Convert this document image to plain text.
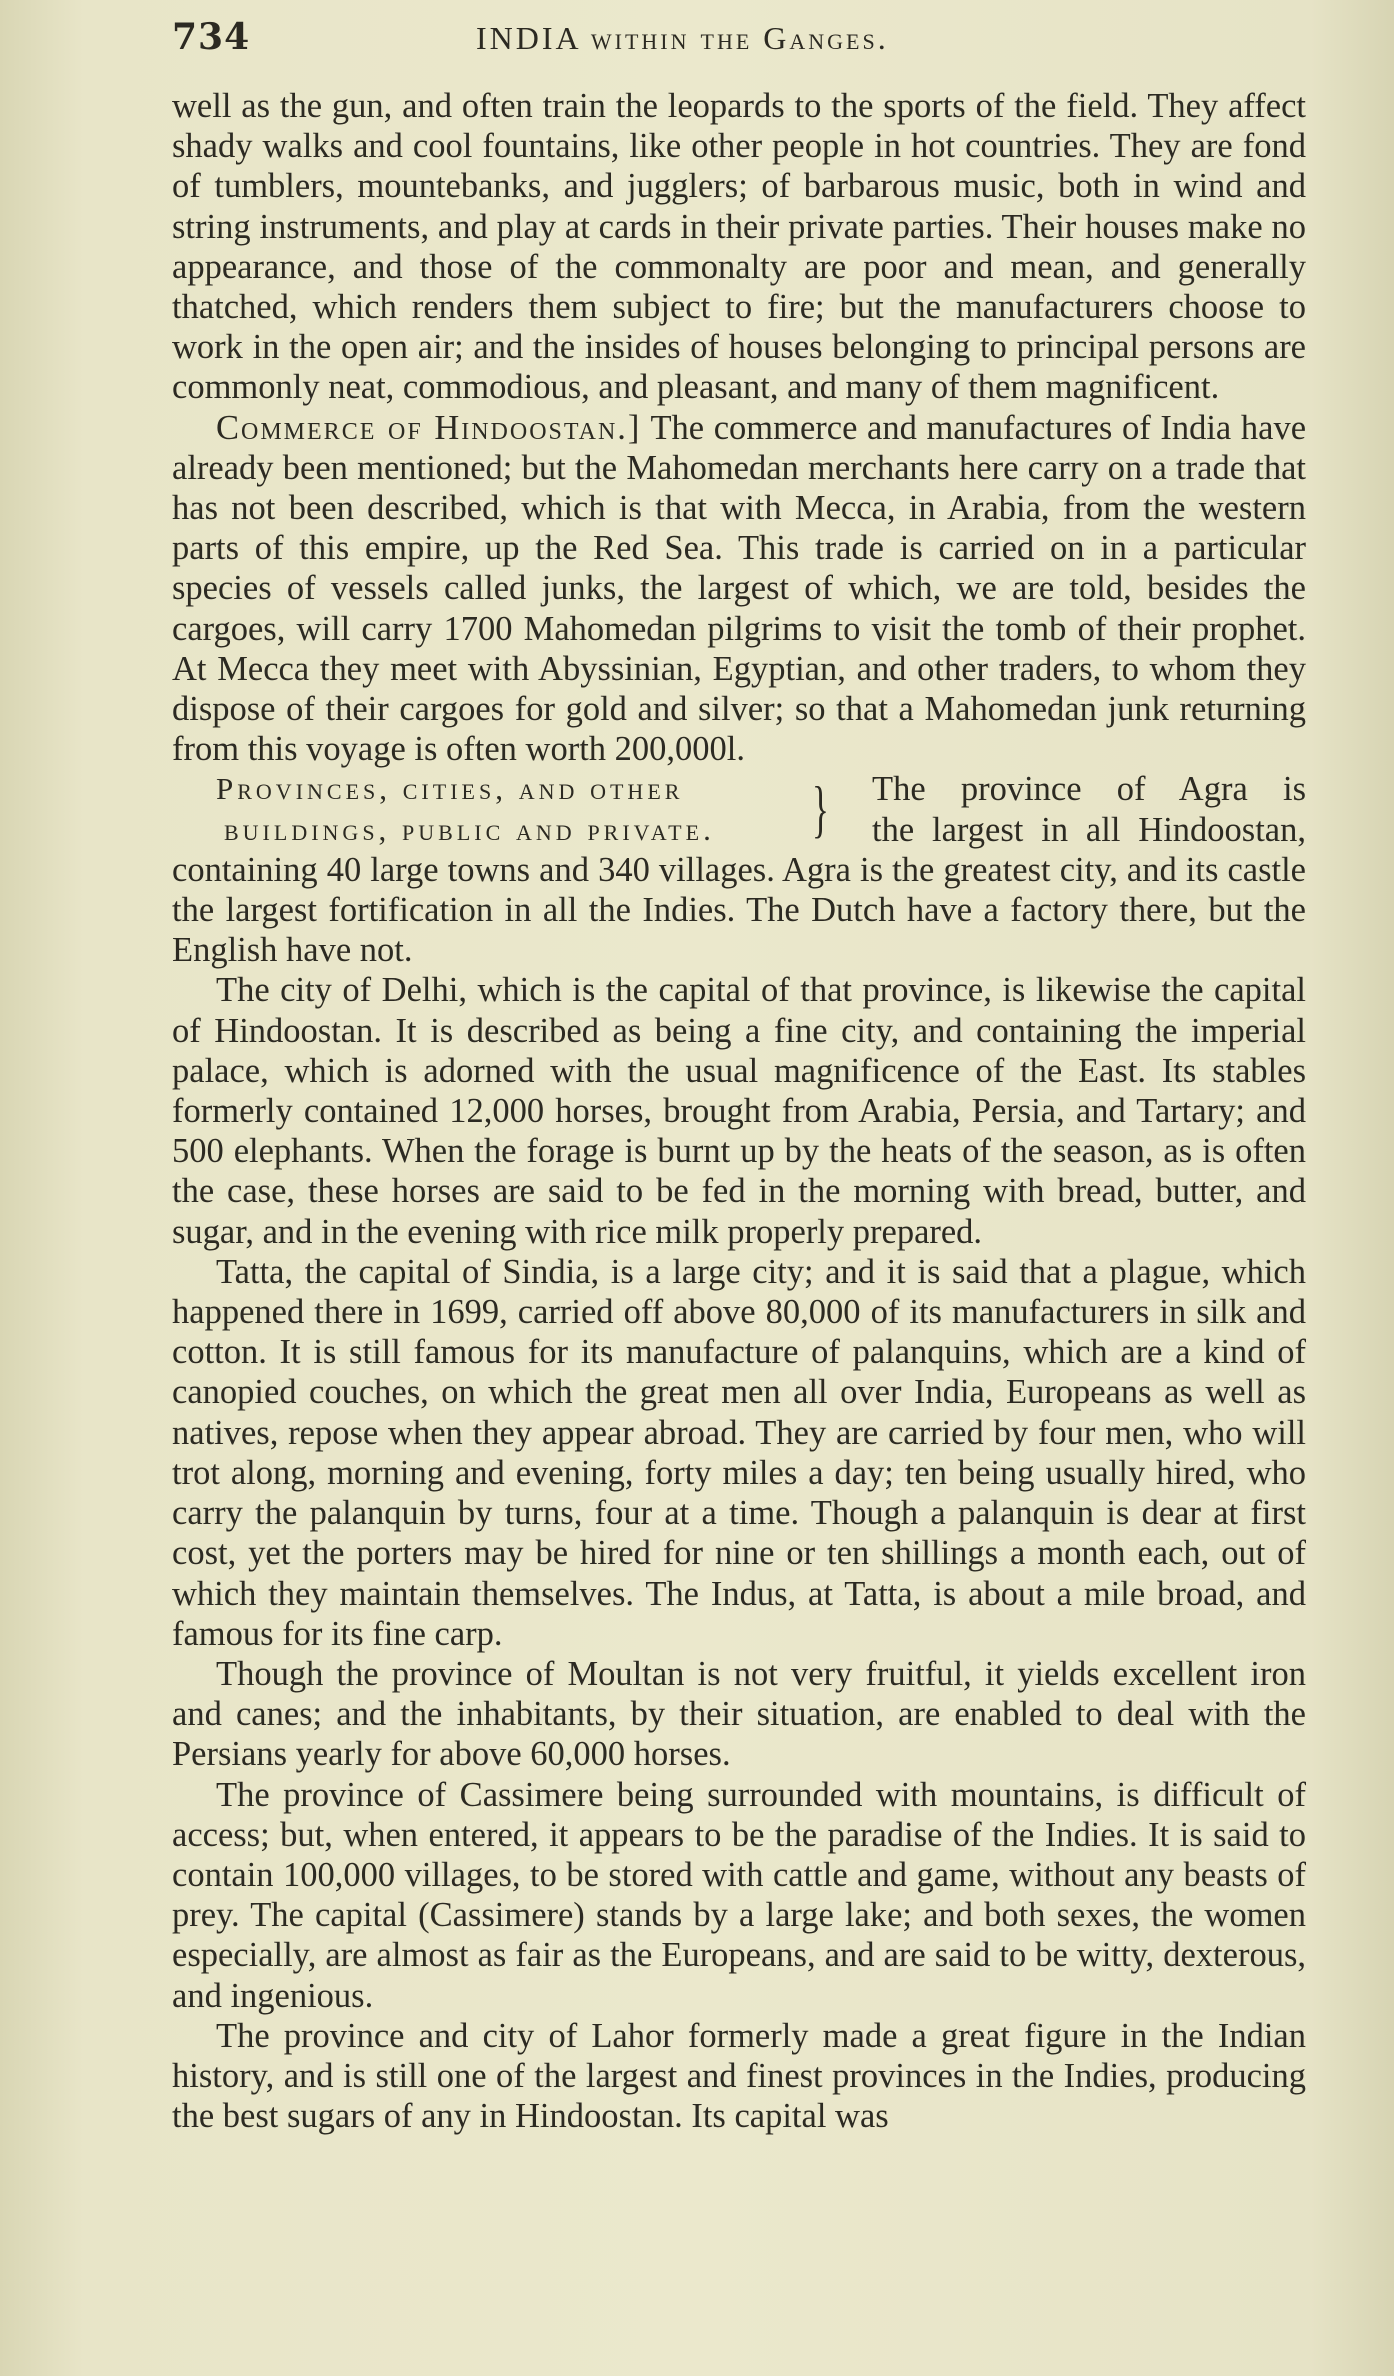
734	INDIA within the Ganges.

well as the gun, and often train the leopards to the sports of the field. They affect shady walks and cool fountains, like other people in hot countries. They are fond of tumblers, mountebanks, and jugglers; of barbarous music, both in wind and string instruments, and play at cards in their private parties. Their houses make no appearance, and those of the commonalty are poor and mean, and generally thatched, which renders them subject to fire; but the manufacturers choose to work in the open air; and the insides of houses belonging to principal persons are commonly neat, commodious, and pleasant, and many of them magnificent.

Commerce of Hindoostan.] The commerce and manufactures of India have already been mentioned; but the Mahomedan merchants here carry on a trade that has not been described, which is that with Mecca, in Arabia, from the western parts of this empire, up the Red Sea. This trade is carried on in a particular species of vessels called junks, the largest of which, we are told, besides the cargoes, will carry 1700 Mahomedan pilgrims to visit the tomb of their prophet. At Mecca they meet with Abyssinian, Egyptian, and other traders, to whom they dispose of their cargoes for gold and silver; so that a Mahomedan junk returning from this voyage is often worth 200,000l.

Provinces, cities, and other
buildings, public and private.	} The province of Agra is
the largest in all Hindoostan,

containing 40 large towns and 340 villages. Agra is the greatest city, and its castle the largest fortification in all the Indies. The Dutch have a factory there, but the English have not.

The city of Delhi, which is the capital of that province, is likewise the capital of Hindoostan. It is described as being a fine city, and containing the imperial palace, which is adorned with the usual magnificence of the East. Its stables formerly contained 12,000 horses, brought from Arabia, Persia, and Tartary; and 500 elephants. When the forage is burnt up by the heats of the season, as is often the case, these horses are said to be fed in the morning with bread, butter, and sugar, and in the evening with rice milk properly prepared.

Tatta, the capital of Sindia, is a large city; and it is said that a plague, which happened there in 1699, carried off above 80,000 of its manufacturers in silk and cotton. It is still famous for its manufacture of palanquins, which are a kind of canopied couches, on which the great men all over India, Europeans as well as natives, repose when they appear abroad. They are carried by four men, who will trot along, morning and evening, forty miles a day; ten being usually hired, who carry the palanquin by turns, four at a time. Though a palanquin is dear at first cost, yet the porters may be hired for nine or ten shillings a month each, out of which they maintain themselves. The Indus, at Tatta, is about a mile broad, and famous for its fine carp.

Though the province of Moultan is not very fruitful, it yields excellent iron and canes; and the inhabitants, by their situation, are enabled to deal with the Persians yearly for above 60,000 horses.

The province of Cassimere being surrounded with mountains, is difficult of access; but, when entered, it appears to be the paradise of the Indies. It is said to contain 100,000 villages, to be stored with cattle and game, without any beasts of prey. The capital (Cassimere) stands by a large lake; and both sexes, the women especially, are almost as fair as the Europeans, and are said to be witty, dexterous, and ingenious.

The province and city of Lahor formerly made a great figure in the Indian history, and is still one of the largest and finest provinces in the Indies, producing the best sugars of any in Hindoostan. Its capital was
